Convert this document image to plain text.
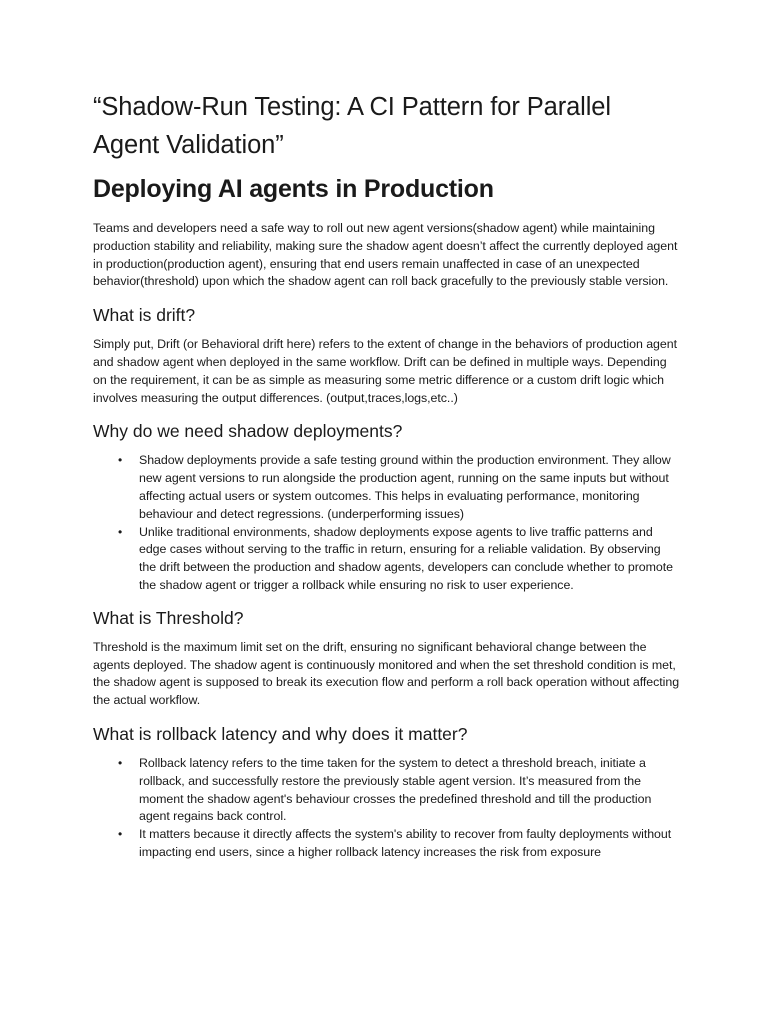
“Shadow-Run Testing: A CI Pattern for Parallel Agent Validation”
Deploying AI agents in Production

Teams and developers need a safe way to roll out new agent versions(shadow agent) while maintaining production stability and reliability, making sure the shadow agent doesn’t affect the currently deployed agent in production(production agent), ensuring that end users remain unaffected in case of an unexpected behavior(threshold) upon which the shadow agent can roll back gracefully to the previously stable version.

What is drift?

Simply put, Drift (or Behavioral drift here) refers to the extent of change in the behaviors of production agent and shadow agent when deployed in the same workflow. Drift can be defined in multiple ways. Depending on the requirement, it can be as simple as measuring some metric difference or a custom drift logic which involves measuring the output differences. (output,traces,logs,etc..)

Why do we need shadow deployments?
• Shadow deployments provide a safe testing ground within the production environment. They allow new agent versions to run alongside the production agent, running on the same inputs but without affecting actual users or system outcomes. This helps in evaluating performance, monitoring behaviour and detect regressions. (underperforming issues)
• Unlike traditional environments, shadow deployments expose agents to live traffic patterns and edge cases without serving to the traffic in return, ensuring for a reliable validation. By observing the drift between the production and shadow agents, developers can conclude whether to promote the shadow agent or trigger a rollback while ensuring no risk to user experience.
What is Threshold?

Threshold is the maximum limit set on the drift, ensuring no significant behavioral change between the agents deployed. The shadow agent is continuously monitored and when the set threshold condition is met, the shadow agent is supposed to break its execution flow and perform a roll back operation without affecting the actual workflow.

What is rollback latency and why does it matter?
• Rollback latency refers to the time taken for the system to detect a threshold breach, initiate a rollback, and successfully restore the previously stable agent version. It’s measured from the moment the shadow agent's behaviour crosses the predefined threshold and till the production agent regains back control.
• It matters because it directly affects the system's ability to recover from faulty deployments without impacting end users, since a higher rollback latency increases the risk from exposure
